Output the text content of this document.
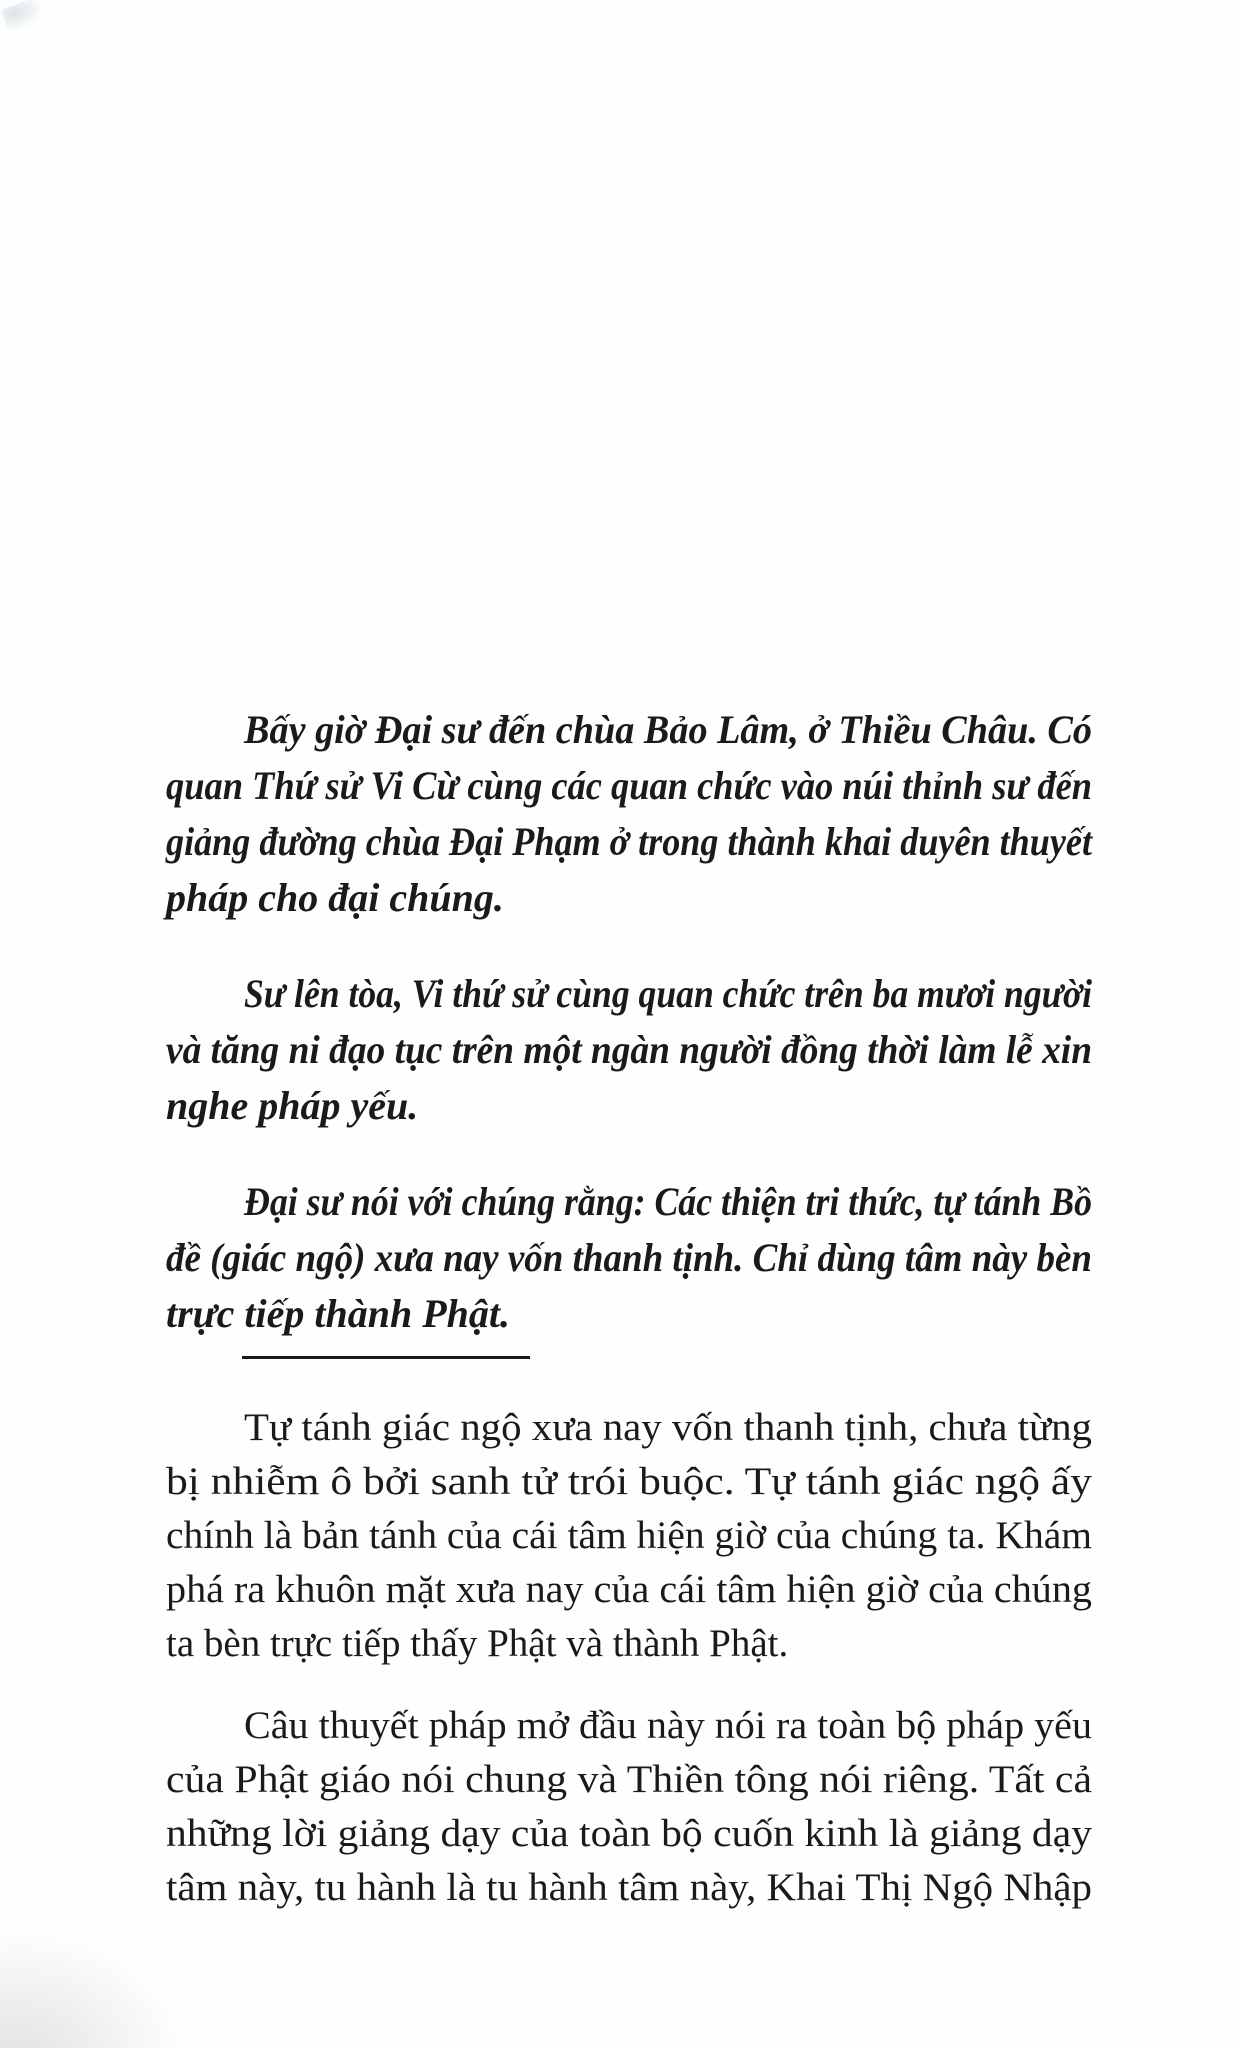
Bấy giờ Đại sư đến chùa Bảo Lâm, ở Thiều Châu. Có
quan Thứ sử Vi Cừ cùng các quan chức vào núi thỉnh sư đến
giảng đường chùa Đại Phạm ở trong thành khai duyên thuyết
pháp cho đại chúng.

Sư lên tòa, Vi thứ sử cùng quan chức trên ba mươi người
và tăng ni đạo tục trên một ngàn người đồng thời làm lễ xin
nghe pháp yếu.

Đại sư nói với chúng rằng: Các thiện tri thức, tự tánh Bồ
đề (giác ngộ) xưa nay vốn thanh tịnh. Chỉ dùng tâm này bèn
trực tiếp thành Phật.

Tự tánh giác ngộ xưa nay vốn thanh tịnh, chưa từng
bị nhiễm ô bởi sanh tử trói buộc. Tự tánh giác ngộ ấy
chính là bản tánh của cái tâm hiện giờ của chúng ta. Khám
phá ra khuôn mặt xưa nay của cái tâm hiện giờ của chúng
ta bèn trực tiếp thấy Phật và thành Phật.

Câu thuyết pháp mở đầu này nói ra toàn bộ pháp yếu
của Phật giáo nói chung và Thiền tông nói riêng. Tất cả
những lời giảng dạy của toàn bộ cuốn kinh là giảng dạy
tâm này, tu hành là tu hành tâm này, Khai Thị Ngộ Nhập
